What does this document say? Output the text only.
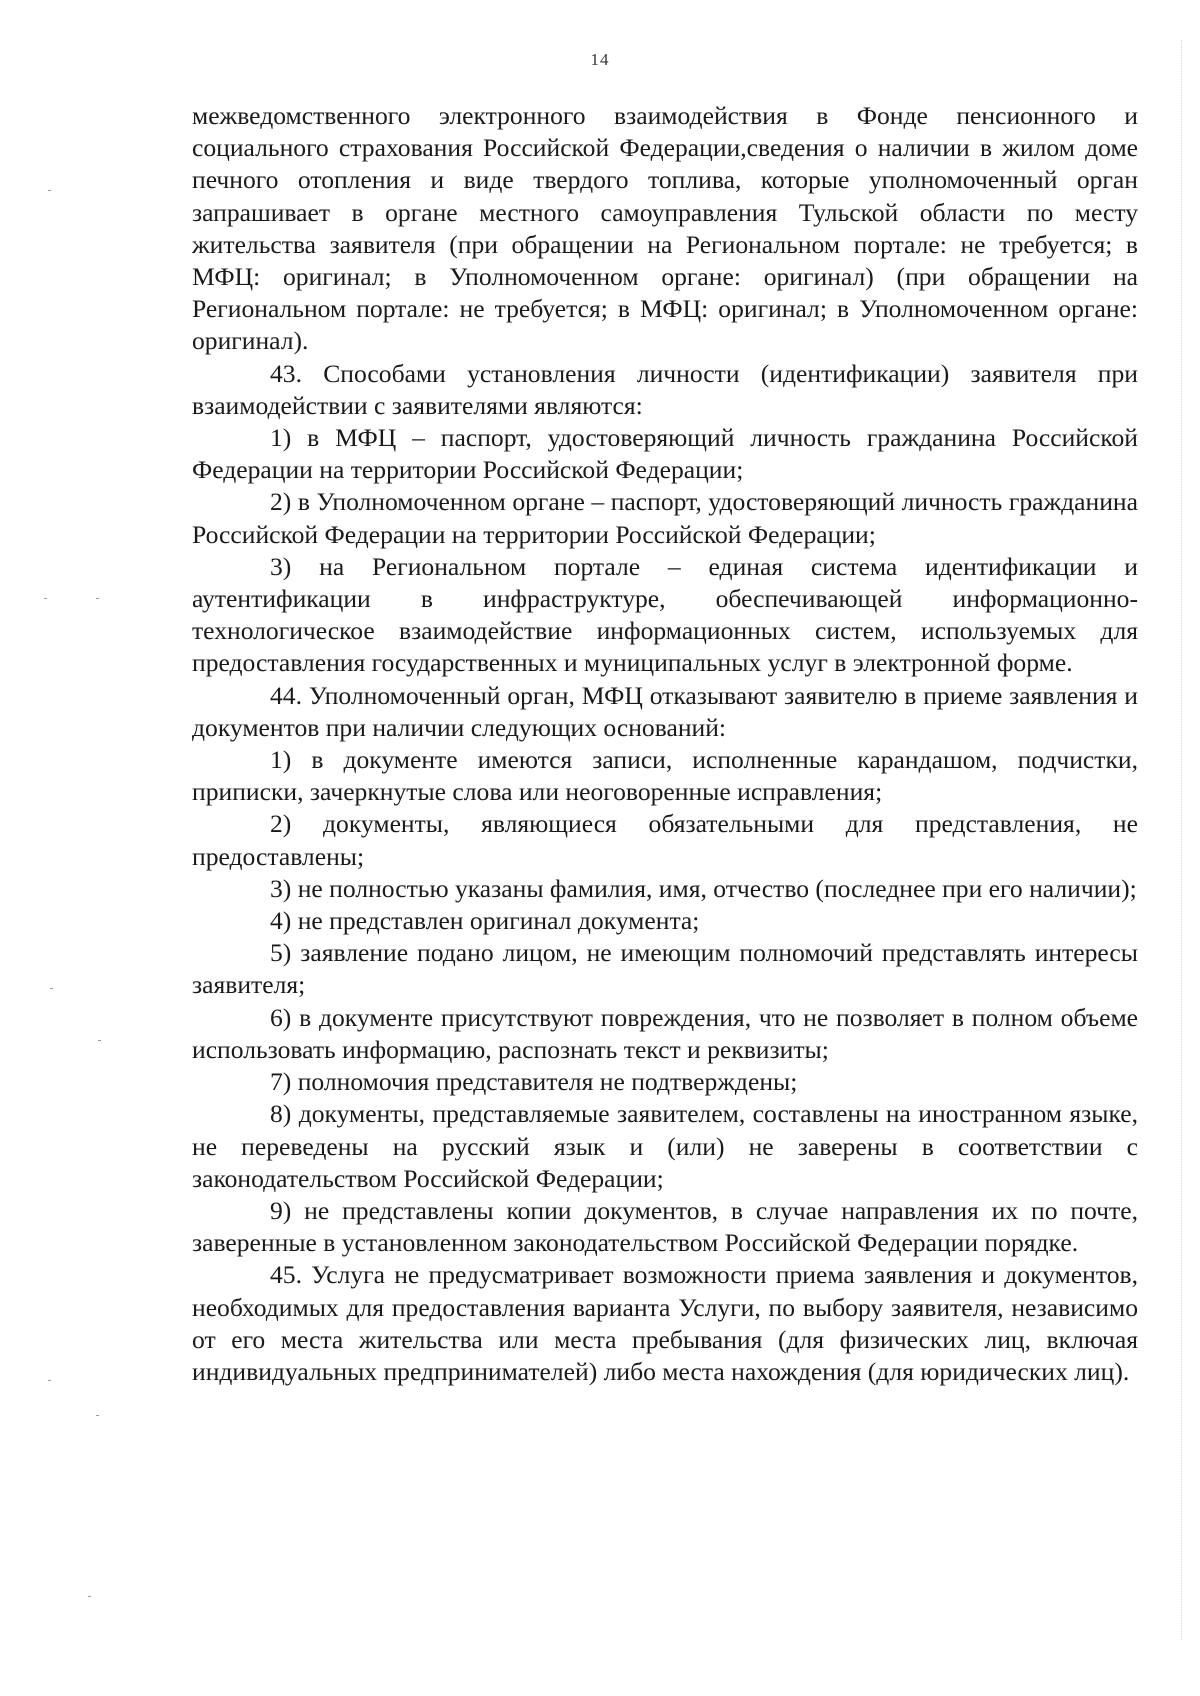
14

межведомственного электронного взаимодействия в Фонде пенсионного и социального страхования Российской Федерации,сведения о наличии в жилом доме печного отопления и виде твердого топлива, которые уполномоченный орган запрашивает в органе местного самоуправления Тульской области по месту жительства заявителя (при обращении на Региональном портале: не требуется; в МФЦ: оригинал; в Уполномоченном органе: оригинал) (при обращении на Региональном портале: не требуется; в МФЦ: оригинал; в Уполномоченном органе: оригинал).

43. Способами установления личности (идентификации) заявителя при взаимодействии с заявителями являются:

1) в МФЦ – паспорт, удостоверяющий личность гражданина Российской Федерации на территории Российской Федерации;

2) в Уполномоченном органе – паспорт, удостоверяющий личность гражданина Российской Федерации на территории Российской Федерации;

3) на Региональном портале – единая система идентификации и аутентификации в инфраструктуре, обеспечивающей информационно-технологическое взаимодействие информационных систем, используемых для предоставления государственных и муниципальных услуг в электронной форме.

44. Уполномоченный орган, МФЦ отказывают заявителю в приеме заявления и документов при наличии следующих оснований:

1) в документе имеются записи, исполненные карандашом, подчистки, приписки, зачеркнутые слова или неоговоренные исправления;

2) документы, являющиеся обязательными для представления, не предоставлены;

3) не полностью указаны фамилия, имя, отчество (последнее при его наличии);

4) не представлен оригинал документа;

5) заявление подано лицом, не имеющим полномочий представлять интересы заявителя;

6) в документе присутствуют повреждения, что не позволяет в полном объеме использовать информацию, распознать текст и реквизиты;

7) полномочия представителя не подтверждены;

8) документы, представляемые заявителем, составлены на иностранном языке, не переведены на русский язык и (или) не заверены в соответствии с законодательством Российской Федерации;

9) не представлены копии документов, в случае направления их по почте, заверенные в установленном законодательством Российской Федерации порядке.

45. Услуга не предусматривает возможности приема заявления и документов, необходимых для предоставления варианта Услуги, по выбору заявителя, независимо от его места жительства или места пребывания (для физических лиц, включая индивидуальных предпринимателей) либо места нахождения (для юридических лиц).
